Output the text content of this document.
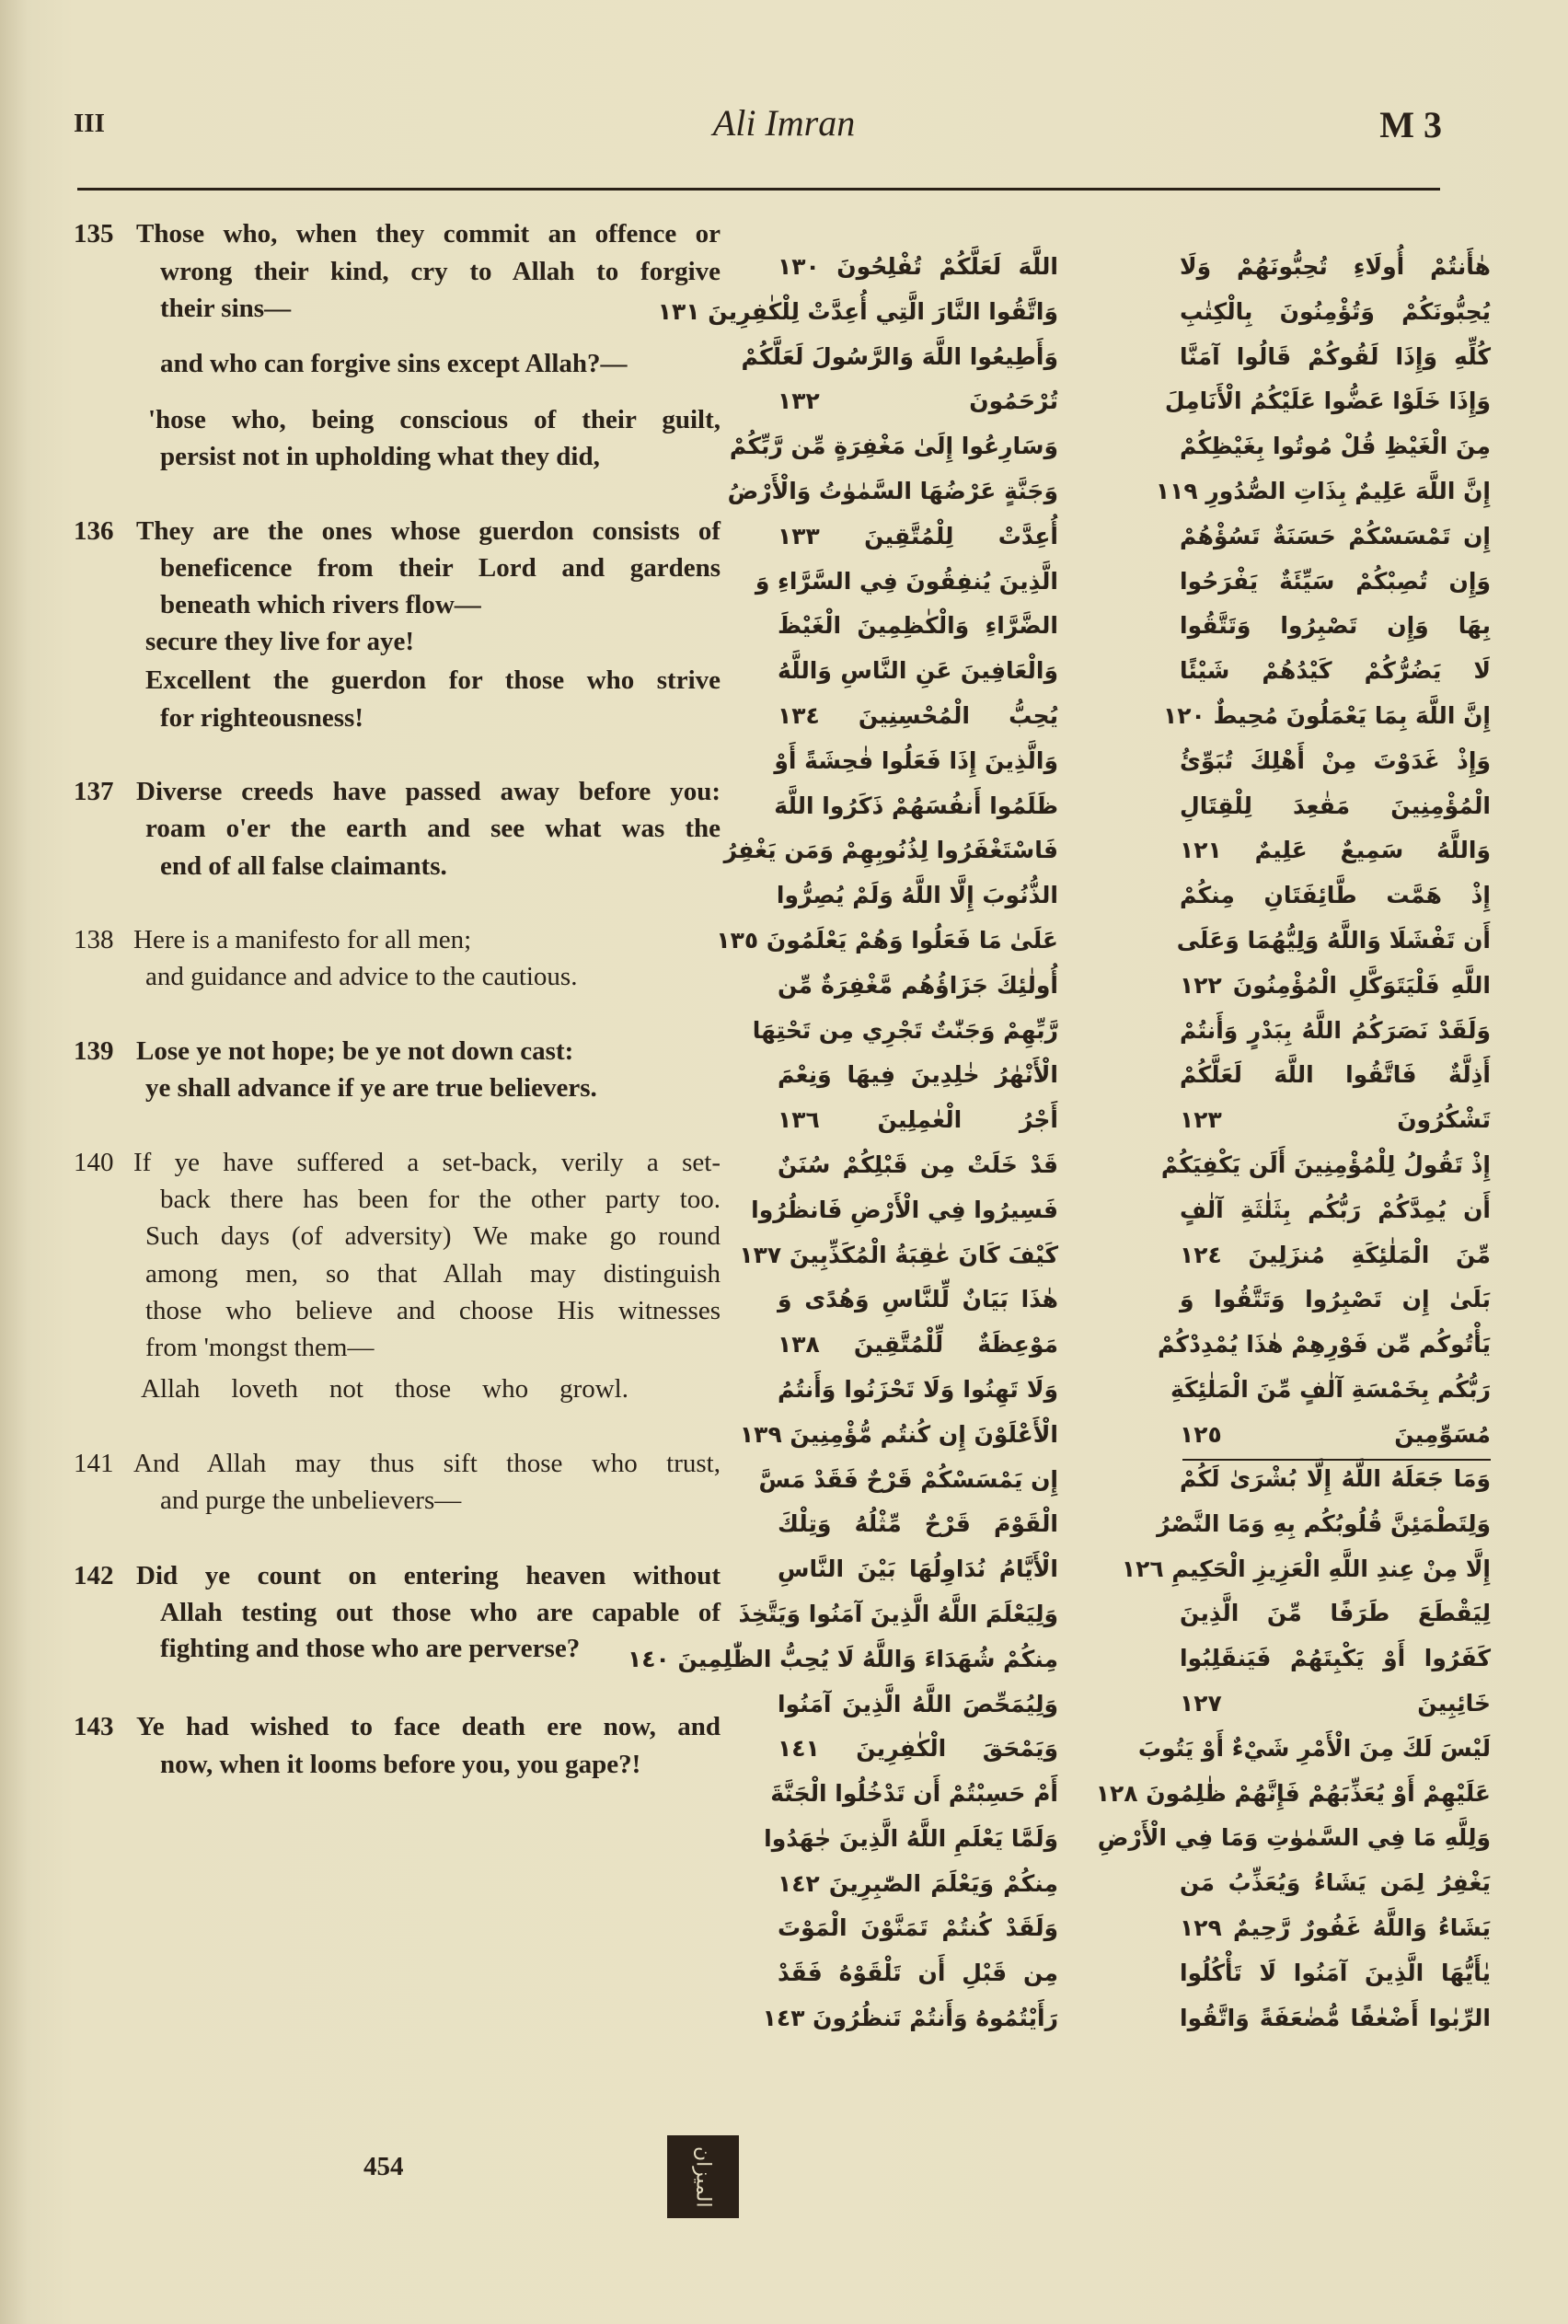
III	Ali Imran	M 3
135 Those who, when they commit an offence or
wrong their kind, cry to Allah to forgive
their sins—
and who can forgive sins except Allah?—
'hose who, being conscious of their guilt,
persist not in upholding what they did,
136 They are the ones whose guerdon consists of
beneficence from their Lord and gardens
beneath which rivers flow—
secure they live for aye!
Excellent the guerdon for those who strive
for righteousness!
137 Diverse creeds have passed away before you:
roam o'er the earth and see what was the
end of all false claimants.
138 Here is a manifesto for all men;
and guidance and advice to the cautious.
139 Lose ye not hope; be ye not down cast:
ye shall advance if ye are true believers.
140 If ye have suffered a set-back, verily a set-
back there has been for the other party too.
Such days (of adversity) We make go round
among men, so that Allah may distinguish
those who believe and choose His witnesses
from 'mongst them—
Allah loveth not those who growl.
141 And Allah may thus sift those who trust,
and purge the unbelievers—
142 Did ye count on entering heaven without
Allah testing out those who are capable of
fighting and those who are perverse?
143 Ye had wished to face death ere now, and
now, when it looms before you, you gape?!
اللَّهَ لَعَلَّكُمْ تُفْلِحُونَ ١٣٠
وَاتَّقُوا النَّارَ الَّتِي أُعِدَّتْ لِلْكٰفِرِينَ ١٣١
وَأَطِيعُوا اللَّهَ وَالرَّسُولَ لَعَلَّكُمْ
تُرْحَمُونَ ١٣٢
وَسَارِعُوا إِلَىٰ مَغْفِرَةٍ مِّن رَّبِّكُمْ
وَجَنَّةٍ عَرْضُهَا السَّمٰوٰتُ وَالْأَرْضُ
أُعِدَّتْ لِلْمُتَّقِينَ ١٣٣
الَّذِينَ يُنفِقُونَ فِي السَّرَّاءِ وَ
الضَّرَّاءِ وَالْكٰظِمِينَ الْغَيْظَ
وَالْعَافِينَ عَنِ النَّاسِ وَاللَّهُ
يُحِبُّ الْمُحْسِنِينَ ١٣٤
وَالَّذِينَ إِذَا فَعَلُوا فٰحِشَةً أَوْ
ظَلَمُوا أَنفُسَهُمْ ذَكَرُوا اللَّهَ
فَاسْتَغْفَرُوا لِذُنُوبِهِمْ وَمَن يَغْفِرُ
الذُّنُوبَ إِلَّا اللَّهُ وَلَمْ يُصِرُّوا
عَلَىٰ مَا فَعَلُوا وَهُمْ يَعْلَمُونَ ١٣٥
أُولٰئِكَ جَزَاؤُهُم مَّغْفِرَةٌ مِّن
رَّبِّهِمْ وَجَنّٰتٌ تَجْرِي مِن تَحْتِهَا
الْأَنْهٰرُ خٰلِدِينَ فِيهَا وَنِعْمَ
أَجْرُ الْعٰمِلِينَ ١٣٦
قَدْ خَلَتْ مِن قَبْلِكُمْ سُنَنٌ
فَسِيرُوا فِي الْأَرْضِ فَانظُرُوا
كَيْفَ كَانَ عٰقِبَةُ الْمُكَذِّبِينَ ١٣٧
هٰذَا بَيَانٌ لِّلنَّاسِ وَهُدًى وَ
مَوْعِظَةٌ لِّلْمُتَّقِينَ ١٣٨
وَلَا تَهِنُوا وَلَا تَحْزَنُوا وَأَنتُمُ
الْأَعْلَوْنَ إِن كُنتُم مُّؤْمِنِينَ ١٣٩
إِن يَمْسَسْكُمْ قَرْحٌ فَقَدْ مَسَّ
الْقَوْمَ قَرْحٌ مِّثْلُهُ وَتِلْكَ
الْأَيَّامُ نُدَاوِلُهَا بَيْنَ النَّاسِ
وَلِيَعْلَمَ اللَّهُ الَّذِينَ آمَنُوا وَيَتَّخِذَ
مِنكُمْ شُهَدَاءَ وَاللَّهُ لَا يُحِبُّ الظّٰلِمِينَ ١٤٠
وَلِيُمَحِّصَ اللَّهُ الَّذِينَ آمَنُوا
وَيَمْحَقَ الْكٰفِرِينَ ١٤١
أَمْ حَسِبْتُمْ أَن تَدْخُلُوا الْجَنَّةَ
وَلَمَّا يَعْلَمِ اللَّهُ الَّذِينَ جٰهَدُوا
مِنكُمْ وَيَعْلَمَ الصّٰبِرِينَ ١٤٢
وَلَقَدْ كُنتُمْ تَمَنَّوْنَ الْمَوْتَ
مِن قَبْلِ أَن تَلْقَوْهُ فَقَدْ
رَأَيْتُمُوهُ وَأَنتُمْ تَنظُرُونَ ١٤٣
هٰأَنتُمْ أُولَاءِ تُحِبُّونَهُمْ وَلَا
يُحِبُّونَكُمْ وَتُؤْمِنُونَ بِالْكِتٰبِ
كُلِّهِ وَإِذَا لَقُوكُمْ قَالُوا آمَنَّا
وَإِذَا خَلَوْا عَضُّوا عَلَيْكُمُ الْأَنَامِلَ
مِنَ الْغَيْظِ قُلْ مُوتُوا بِغَيْظِكُمْ
إِنَّ اللَّهَ عَلِيمٌ بِذَاتِ الصُّدُورِ ١١٩
إِن تَمْسَسْكُمْ حَسَنَةٌ تَسُؤْهُمْ
وَإِن تُصِبْكُمْ سَيِّئَةٌ يَفْرَحُوا
بِهَا وَإِن تَصْبِرُوا وَتَتَّقُوا
لَا يَضُرُّكُمْ كَيْدُهُمْ شَيْئًا
إِنَّ اللَّهَ بِمَا يَعْمَلُونَ مُحِيطٌ ١٢٠
وَإِذْ غَدَوْتَ مِنْ أَهْلِكَ تُبَوِّئُ
الْمُؤْمِنِينَ مَقٰعِدَ لِلْقِتَالِ
وَاللَّهُ سَمِيعٌ عَلِيمٌ ١٢١
إِذْ هَمَّت طَّائِفَتَانِ مِنكُمْ
أَن تَفْشَلَا وَاللَّهُ وَلِيُّهُمَا وَعَلَى
اللَّهِ فَلْيَتَوَكَّلِ الْمُؤْمِنُونَ ١٢٢
وَلَقَدْ نَصَرَكُمُ اللَّهُ بِبَدْرٍ وَأَنتُمْ
أَذِلَّةٌ فَاتَّقُوا اللَّهَ لَعَلَّكُمْ
تَشْكُرُونَ ١٢٣
إِذْ تَقُولُ لِلْمُؤْمِنِينَ أَلَن يَكْفِيَكُمْ
أَن يُمِدَّكُمْ رَبُّكُم بِثَلٰثَةِ آلٰفٍ
مِّنَ الْمَلٰئِكَةِ مُنزَلِينَ ١٢٤
بَلَىٰ إِن تَصْبِرُوا وَتَتَّقُوا وَ
يَأْتُوكُم مِّن فَوْرِهِمْ هٰذَا يُمْدِدْكُمْ
رَبُّكُم بِخَمْسَةِ آلٰفٍ مِّنَ الْمَلٰئِكَةِ
مُسَوِّمِينَ ١٢٥
وَمَا جَعَلَهُ اللَّهُ إِلَّا بُشْرَىٰ لَكُمْ
وَلِتَطْمَئِنَّ قُلُوبُكُم بِهِ وَمَا النَّصْرُ
إِلَّا مِنْ عِندِ اللَّهِ الْعَزِيزِ الْحَكِيمِ ١٢٦
لِيَقْطَعَ طَرَفًا مِّنَ الَّذِينَ
كَفَرُوا أَوْ يَكْبِتَهُمْ فَيَنقَلِبُوا
خَائِبِينَ ١٢٧
لَيْسَ لَكَ مِنَ الْأَمْرِ شَيْءٌ أَوْ يَتُوبَ
عَلَيْهِمْ أَوْ يُعَذِّبَهُمْ فَإِنَّهُمْ ظٰلِمُونَ ١٢٨
وَلِلَّهِ مَا فِي السَّمٰوٰتِ وَمَا فِي الْأَرْضِ
يَغْفِرُ لِمَن يَشَاءُ وَيُعَذِّبُ مَن
يَشَاءُ وَاللَّهُ غَفُورٌ رَّحِيمٌ ١٢٩
يٰأَيُّهَا الَّذِينَ آمَنُوا لَا تَأْكُلُوا
الرِّبٰوا أَضْعٰفًا مُّضٰعَفَةً وَاتَّقُوا
454	الميزان
